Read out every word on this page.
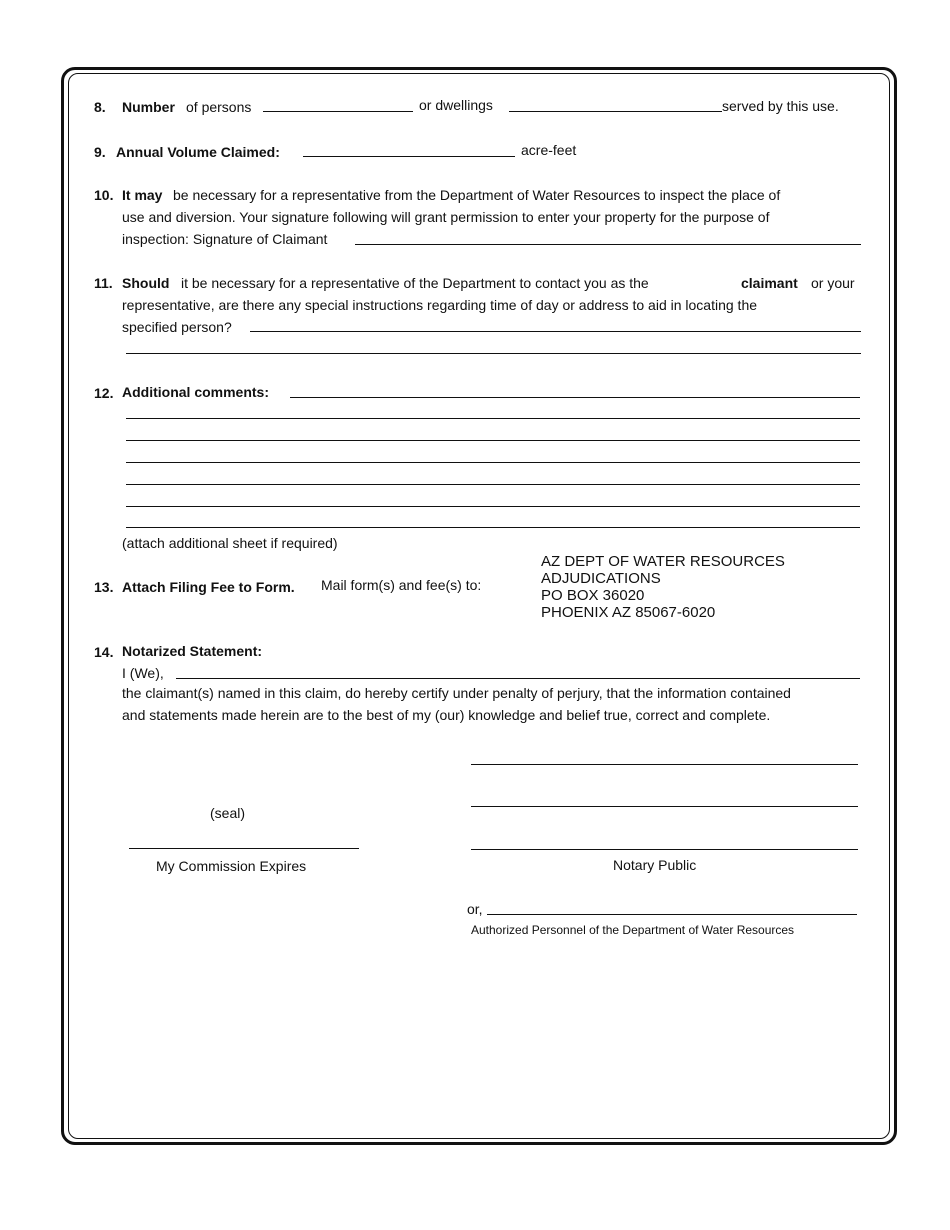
8. Number of persons	or dwellings	served by this use.
9. Annual Volume Claimed:	acre-feet
10. It may be necessary for a representative from the Department of Water Resources to inspect the place of
use and diversion. Your signature following will grant permission to enter your property for the purpose of
inspection: Signature of Claimant
11. Should it be necessary for a representative of the Department to contact you as the	claimant or your
representative, are there any special instructions regarding time of day or address to aid in locating the
specified person?
12. Additional comments:
(attach additional sheet if required)
13. Attach Filing Fee to Form. Mail form(s) and fee(s) to:
AZ DEPT OF WATER RESOURCES
ADJUDICATIONS
PO BOX 36020
PHOENIX AZ 85067-6020
14. Notarized Statement:
I (We),
the claimant(s) named in this claim, do hereby certify under penalty of perjury, that the information contained
and statements made herein are to the best of my (our) knowledge and belief true, correct and complete.
(seal)
My Commission Expires	Notary Public
or,
Authorized Personnel of the Department of Water Resources
